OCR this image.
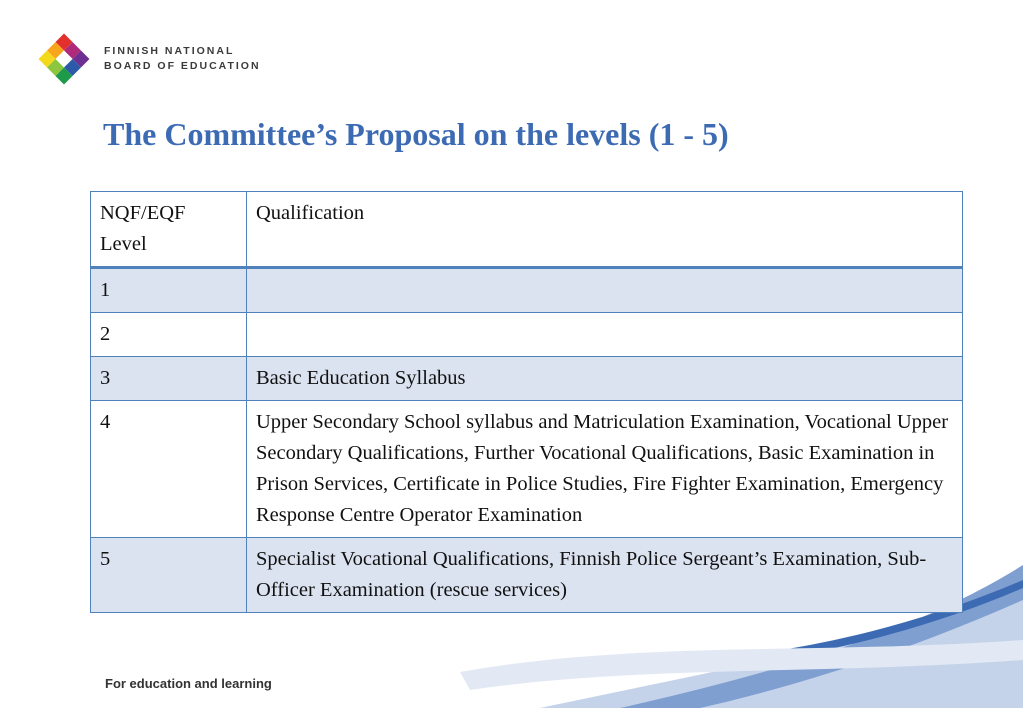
FINNISH NATIONAL
BOARD OF EDUCATION
The Committee’s Proposal on the levels (1 - 5)
NQF/EQF Level	Qualification
1	
2	
3	Basic Education Syllabus
4	Upper Secondary School syllabus and Matriculation Examination, Vocational Upper Secondary Qualifications, Further Vocational Qualifications, Basic Examination in Prison Services, Certificate in Police Studies, Fire Fighter Examination, Emergency Response Centre Operator Examination
5	Specialist Vocational Qualifications, Finnish Police Sergeant’s Examination, Sub-Officer Examination (rescue services)
For education and learning
